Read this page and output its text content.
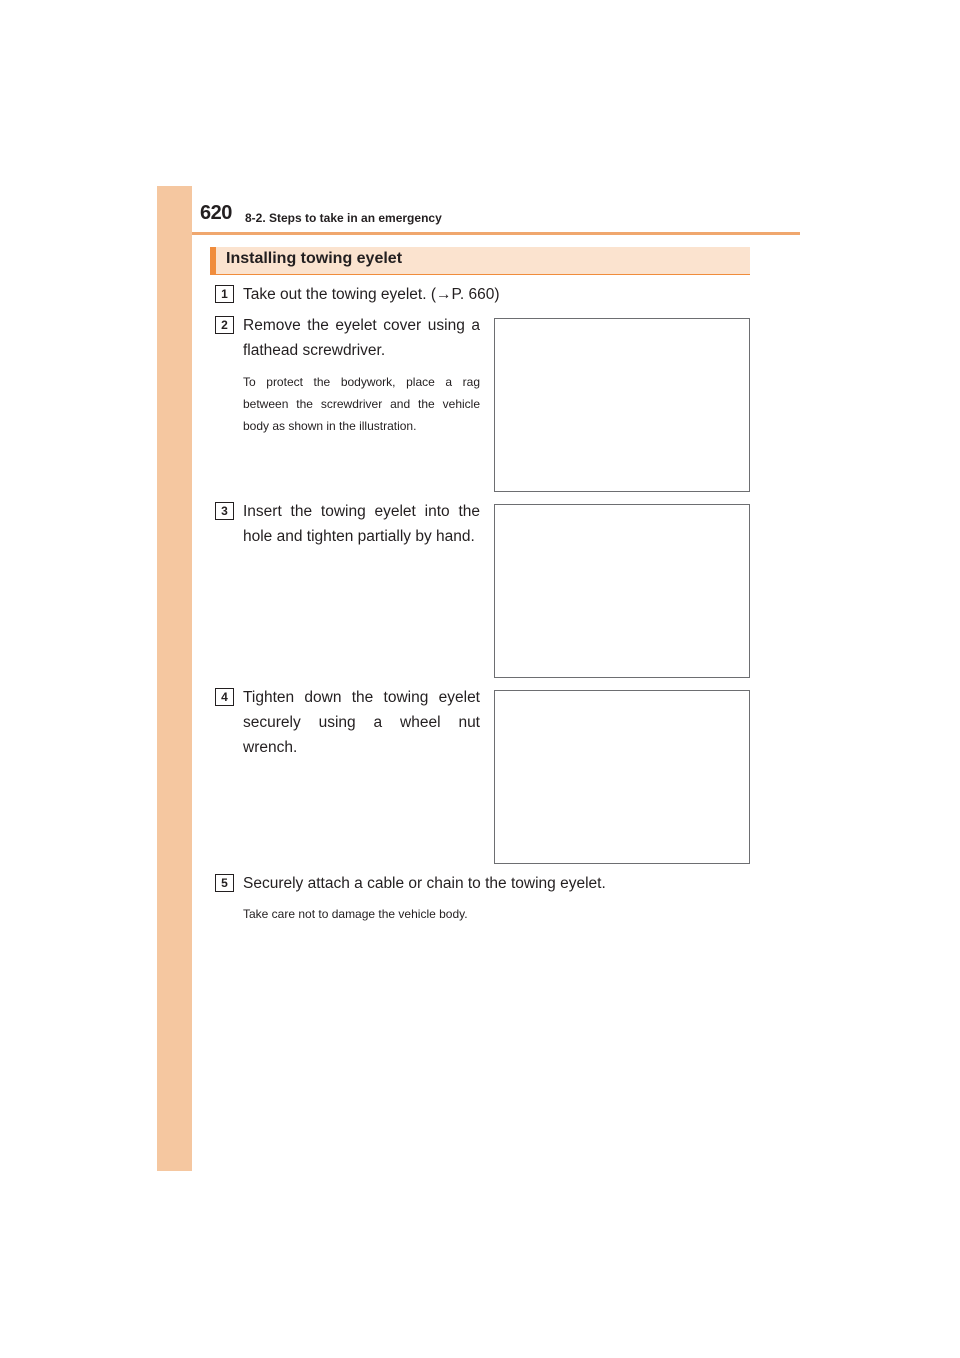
620 8-2. Steps to take in an emergency
Installing towing eyelet
1 Take out the towing eyelet. (→P. 660)
2 Remove the eyelet cover using a flathead screwdriver.
To protect the bodywork, place a rag between the screwdriver and the vehicle body as shown in the illustration.
3 Insert the towing eyelet into the hole and tighten partially by hand.
4 Tighten down the towing eyelet securely using a wheel nut wrench.
5 Securely attach a cable or chain to the towing eyelet.
Take care not to damage the vehicle body.
